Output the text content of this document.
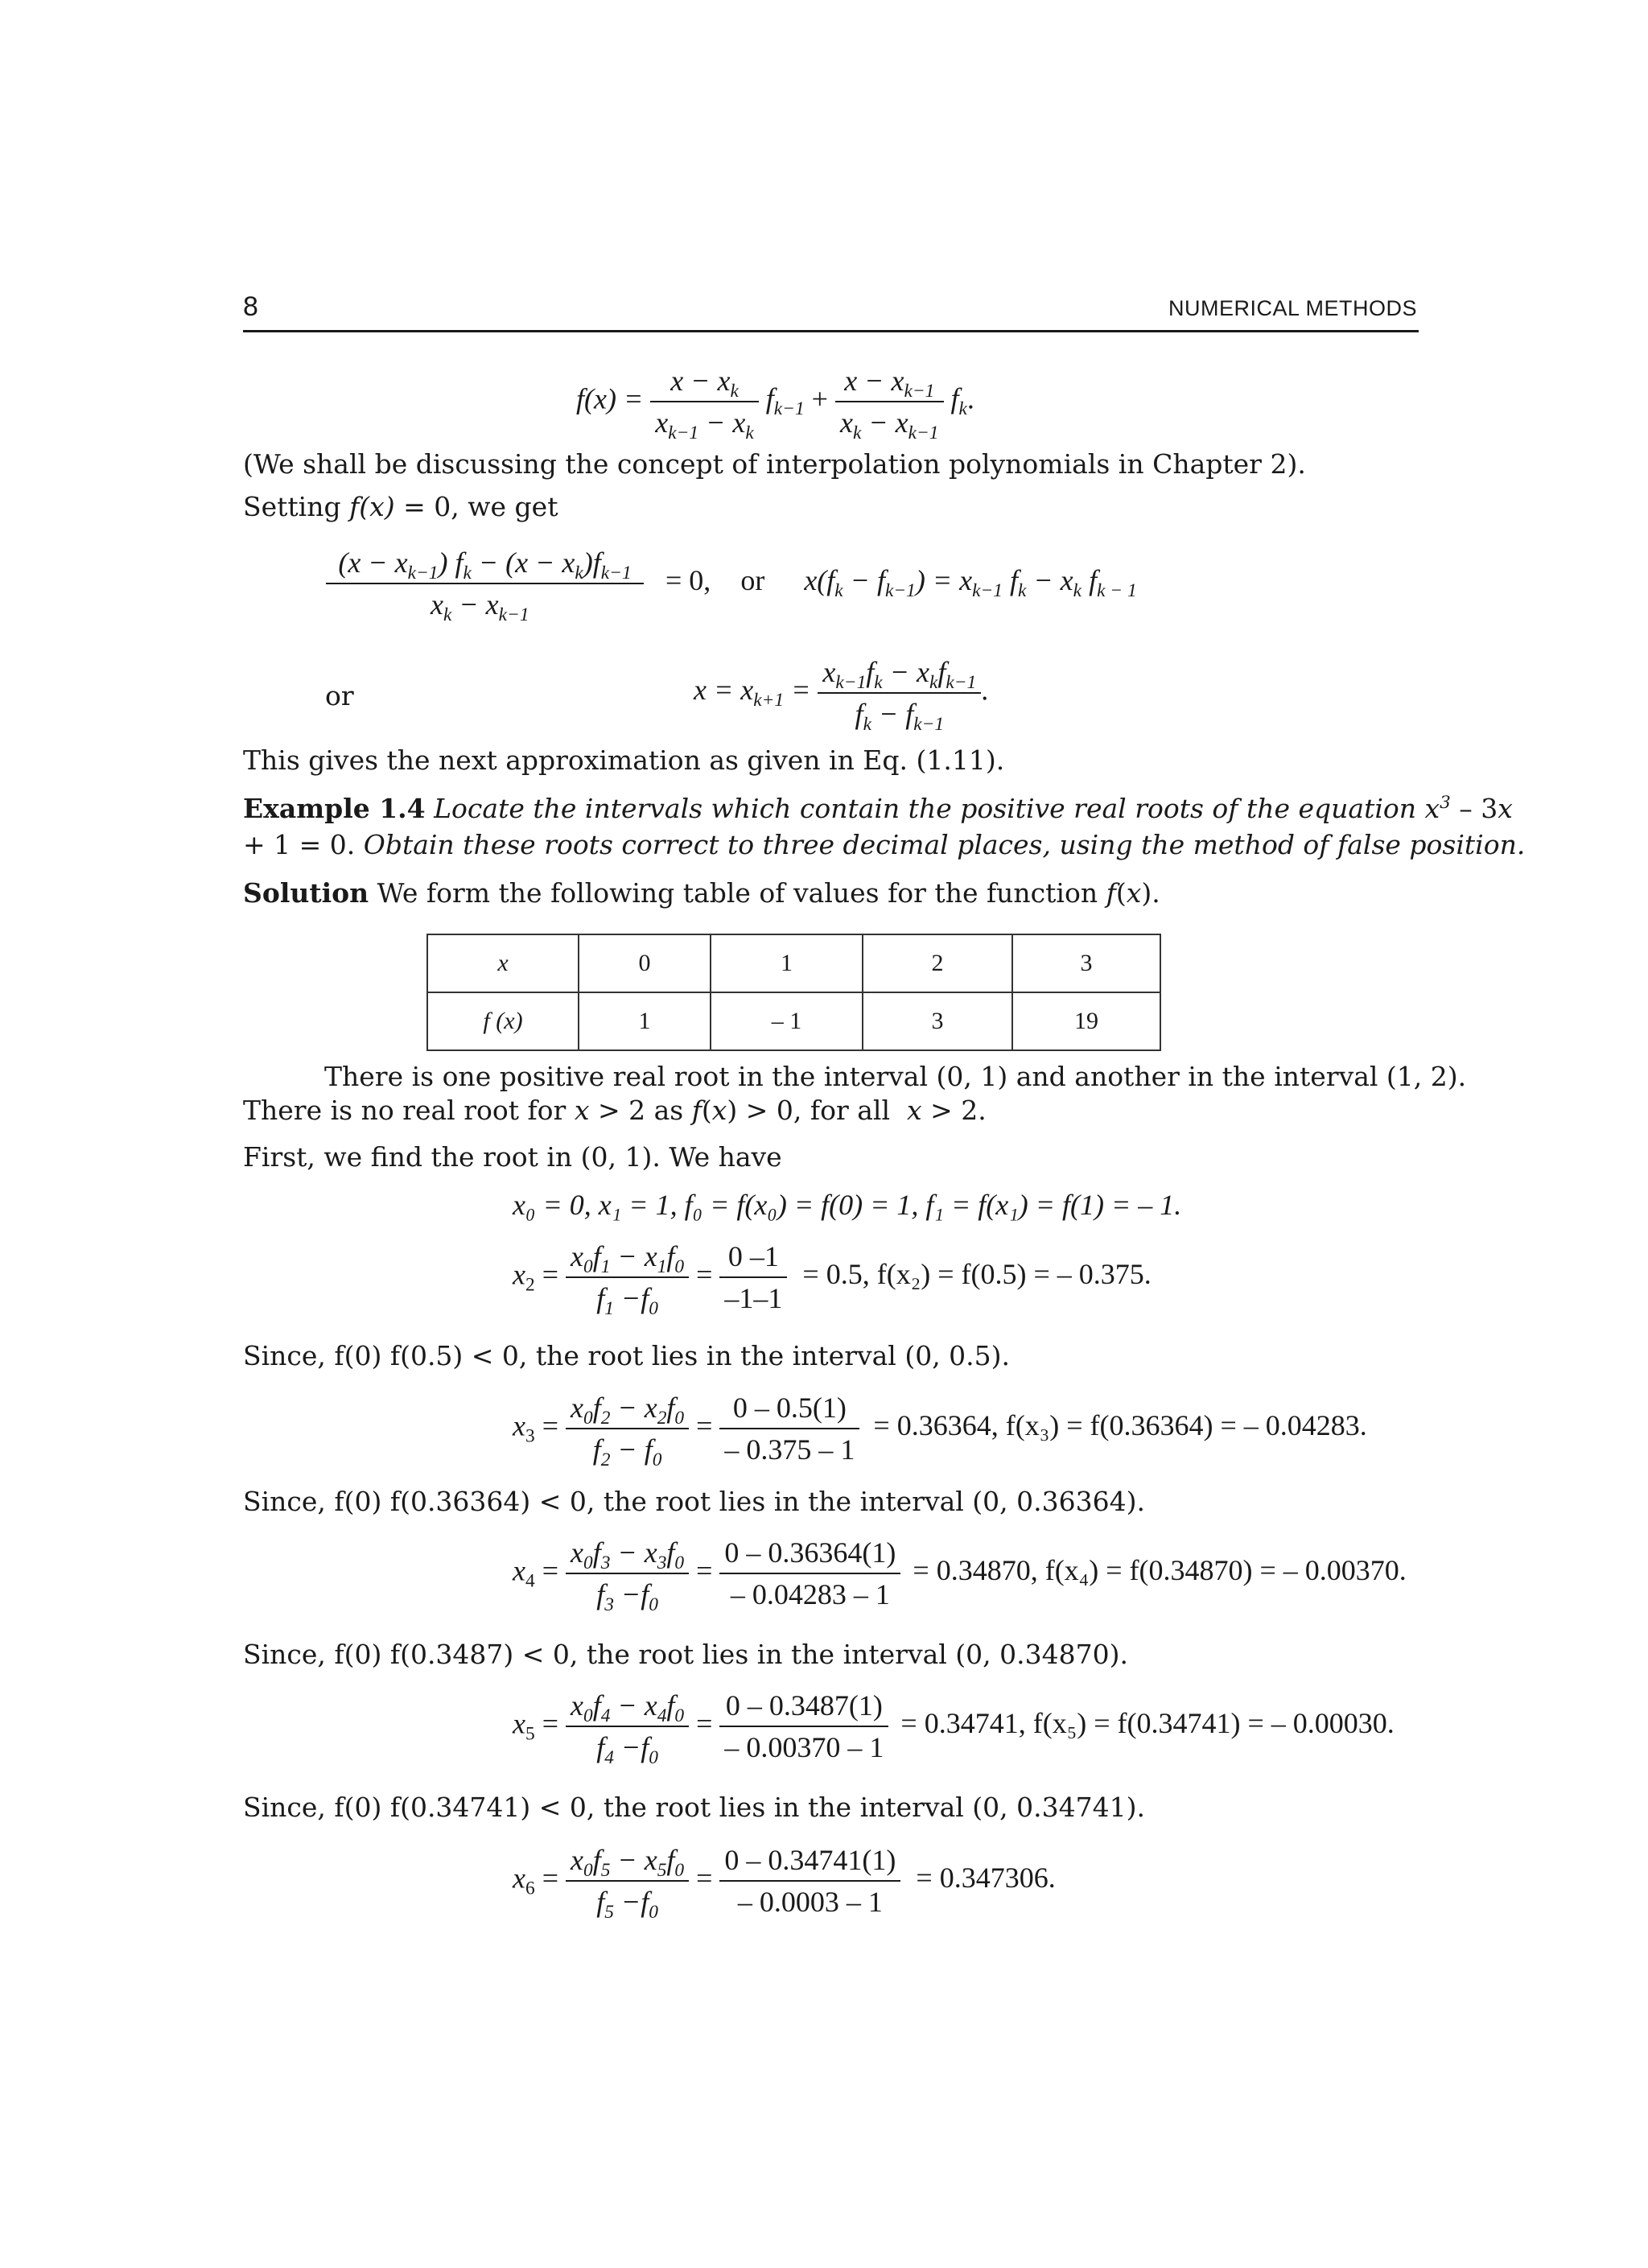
8	NUMERICAL METHODS
$f(x) = \frac{x - x_k}{x_{k-1} - x_k} f_{k-1} + \frac{x - x_{k-1}}{x_k - x_{k-1}} f_k$.
(We shall be discussing the concept of interpolation polynomials in Chapter 2).
Setting f(x) = 0, we get
$\frac{(x - x_{k-1}) f_k - (x - x_k)f_{k-1}}{x_k - x_{k-1}} = 0$, or $x(f_k - f_{k-1}) = x_{k-1}$ $f_k - x_k$ $f_{k - 1}$
or	$x = x_{k+1} = \frac{x_{k-1}f_k - x_kf_{k-1}}{f_k - f_{k-1}}$ .
This gives the next approximation as given in Eq. (1.11).
Example 1.4 Locate the intervals which contain the positive real roots of the equation $x^3 - 3x$
+ 1 = 0. Obtain these roots correct to three decimal places, using the method of false position.
Solution We form the following table of values for the function f(x).
x	0	1	2	3
f (x)	1	– 1	3	19
There is one positive real root in the interval (0, 1) and another in the interval (1, 2).
There is no real root for x > 2 as f(x) > 0, for all x > 2.
First, we find the root in (0, 1). We have
x₀ = 0, x₁ = 1, f₀ = f(x₀) = f(0) = 1, f₁ = f(x₁) = f(1) = – 1.
$x_2 = \frac{x_0f_1 - x_1f_0}{f_1 -f_0} = \frac{0 -1}{-1-1} = 0.5$, f(x₂) = f(0.5) = – 0.375.
Since, f(0) f(0.5) < 0, the root lies in the interval (0, 0.5).
$x_3 = \frac{x_0f_2 - x_2f_0}{f_2 - f_0} = \frac{0 - 0.5(1)}{- 0.375 - 1} = 0.36364$, f(x₃) = f(0.36364) = – 0.04283.
Since, f(0) f(0.36364) < 0, the root lies in the interval (0, 0.36364).
$x_4 = \frac{x_0f_3 - x_3f_0}{f_3 -f_0} = \frac{0 - 0.36364(1)}{- 0.04283 - 1} = 0.34870$, f(x₄) = f(0.34870) = – 0.00370.
Since, f(0) f(0.3487) < 0, the root lies in the interval (0, 0.34870).
$x_5 = \frac{x_0f_4 - x_4f_0}{f_4 -f_0} = \frac{0 - 0.3487(1)}{- 0.00370 - 1} = 0.34741$, f(x₅) = f(0.34741) = – 0.00030.
Since, f(0) f(0.34741) < 0, the root lies in the interval (0, 0.34741).
$x_6 = \frac{x_0f_5 - x_5f_0}{f_5 -f_0} = \frac{0 - 0.34741(1)}{- 0.0003 - 1} = 0.347306$.
